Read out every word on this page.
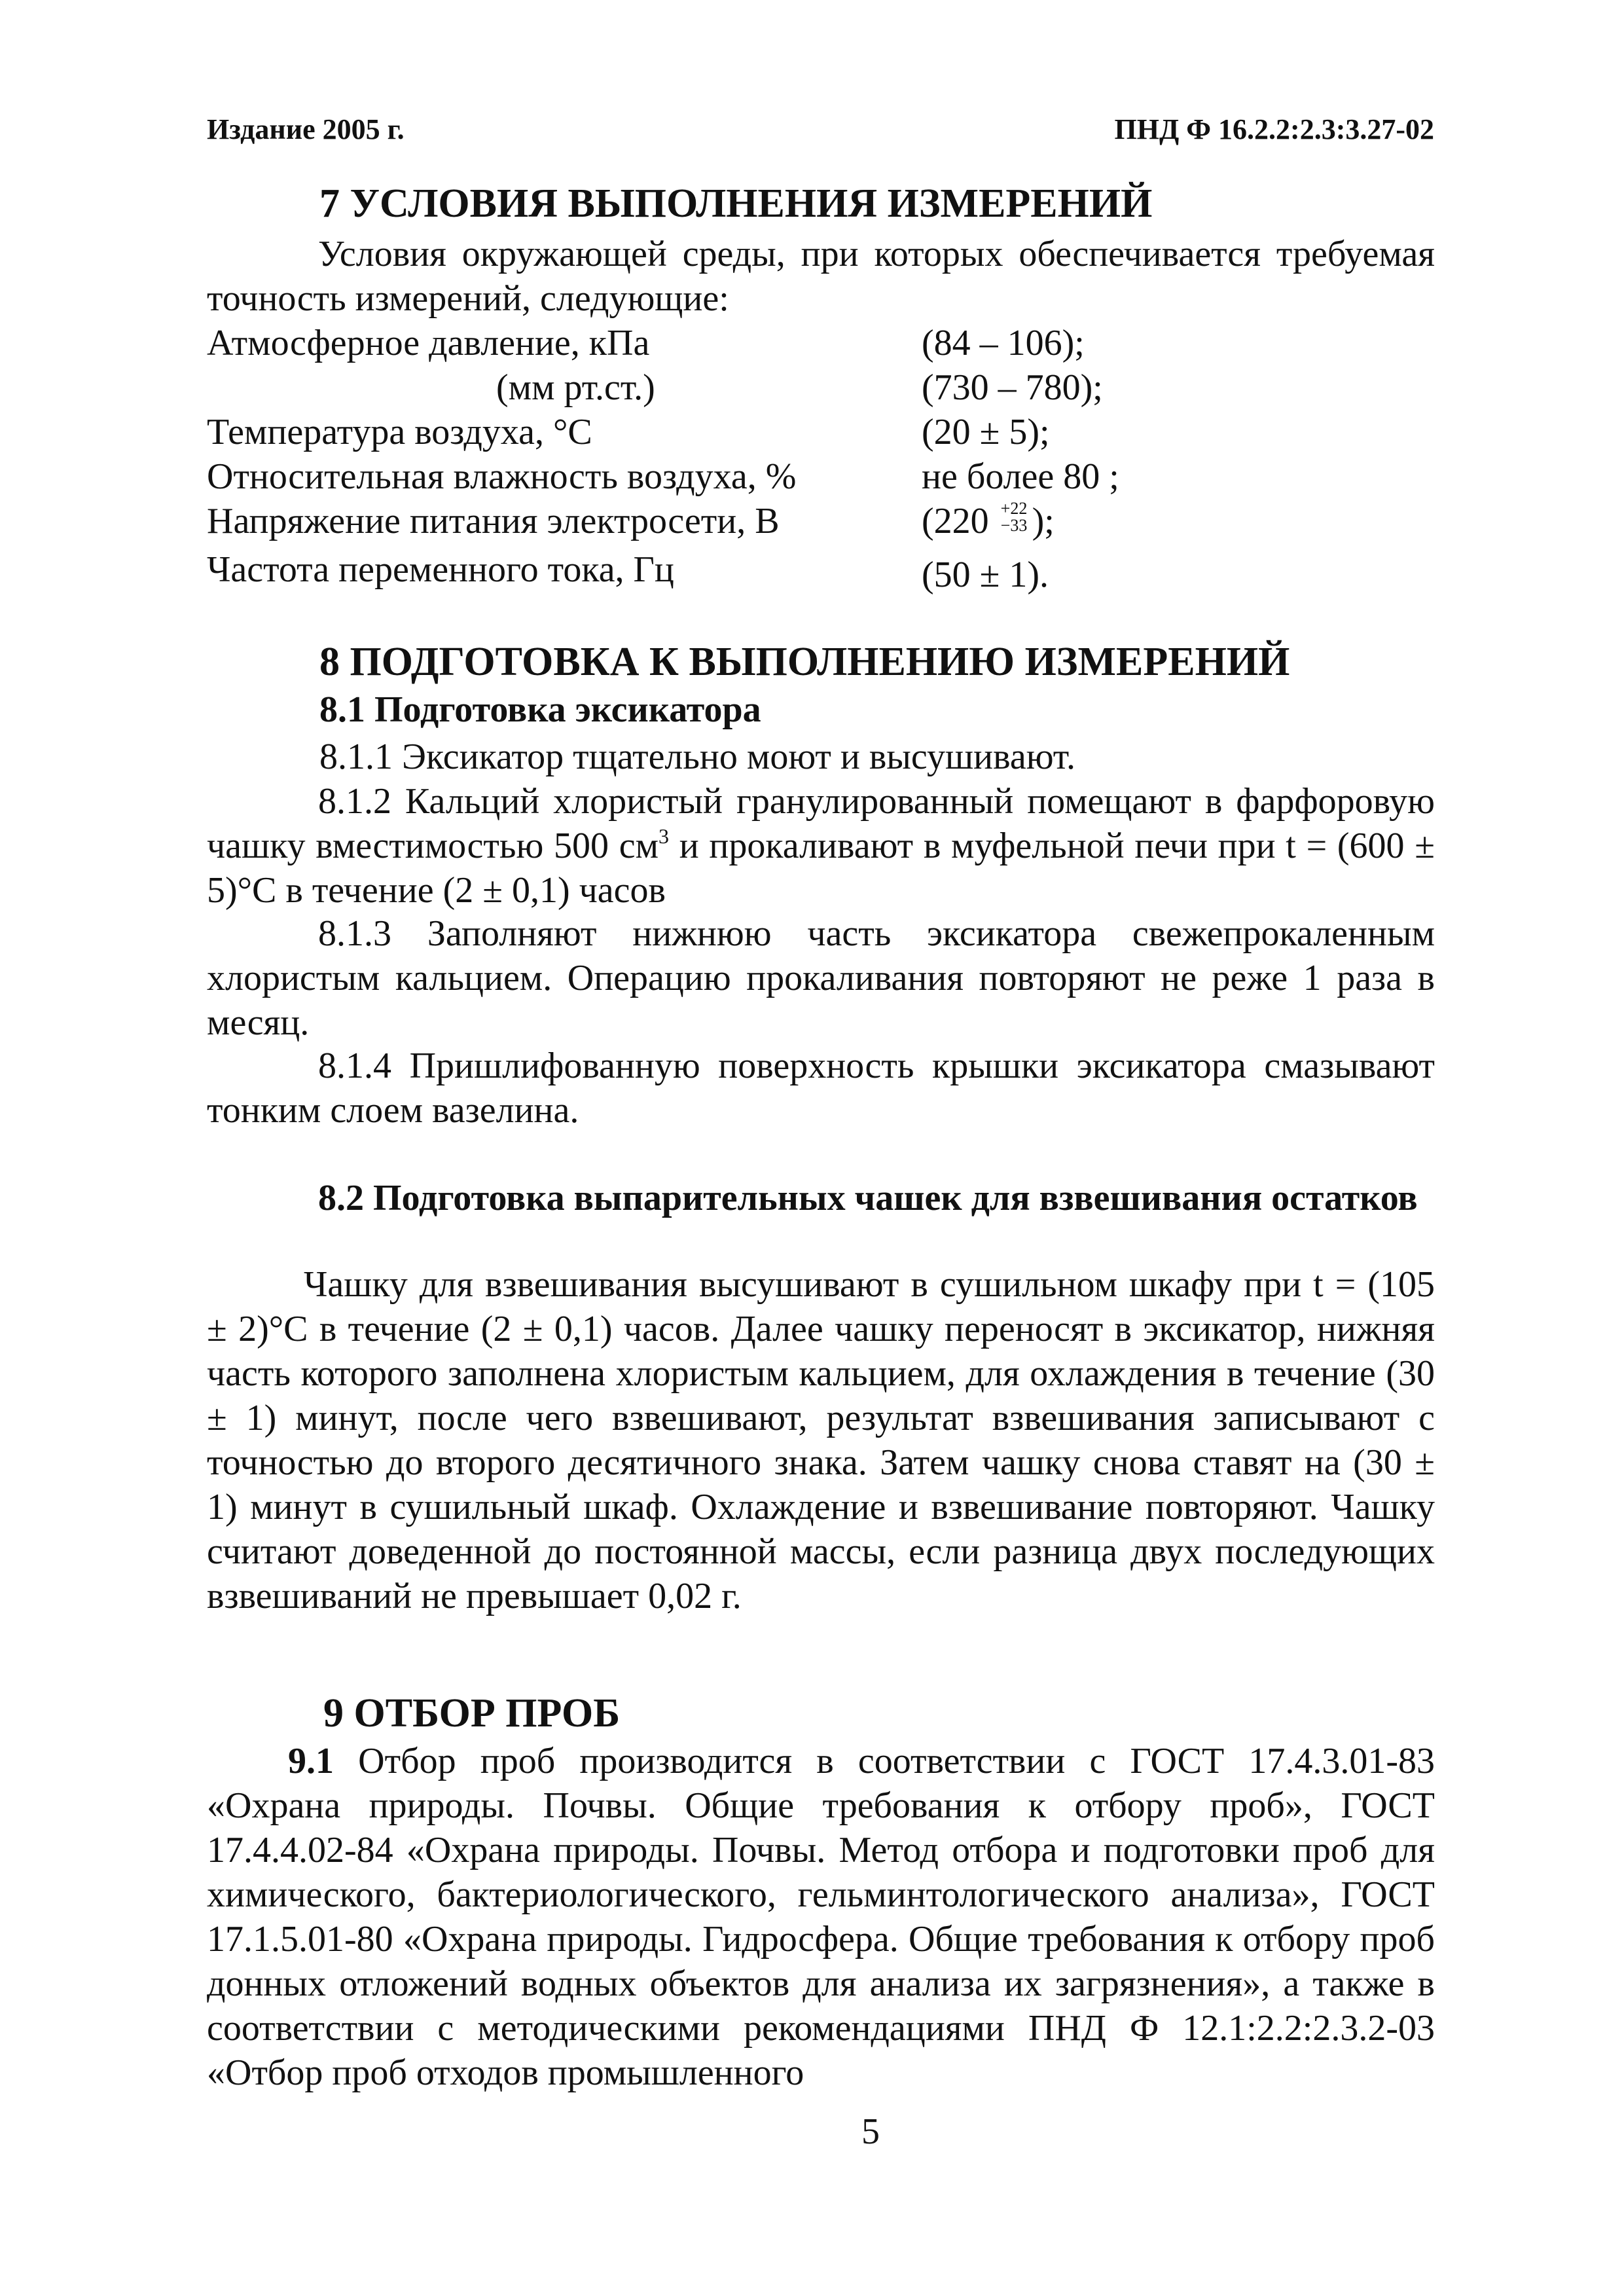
Издание 2005 г.	ПНД Ф 16.2.2:2.3:3.27-02
7 УСЛОВИЯ ВЫПОЛНЕНИЯ ИЗМЕРЕНИЙ
Условия окружающей среды, при которых обеспечивается требуемая точность измерений, следующие:
Атмосферное давление, кПа	(84 – 106);
(мм рт.ст.)	(730 – 780);
Температура воздуха, °С	(20 ± 5);
Относительная влажность воздуха, %	не более 80 ;
Напряжение питания электросети, В	(220 +22
−33 );
Частота переменного тока, Гц	(50 ± 1).
8 ПОДГОТОВКА К ВЫПОЛНЕНИЮ ИЗМЕРЕНИЙ
8.1 Подготовка эксикатора
8.1.1 Эксикатор тщательно моют и высушивают.
8.1.2 Кальций хлористый гранулированный помещают в фарфоровую чашку вместимостью 500 $см^3$ и прокаливают в муфельной печи при t = (600 ± 5)°С в течение (2 ± 0,1) часов
8.1.3 Заполняют нижнюю часть эксикатора свежепрокаленным хлористым кальцием. Операцию прокаливания повторяют не реже 1 раза в месяц.
8.1.4 Пришлифованную поверхность крышки эксикатора смазывают тонким слоем вазелина.
8.2 Подготовка выпарительных чашек для взвешивания остатков
Чашку для взвешивания высушивают в сушильном шкафу при t = (105 ± 2)°С в течение (2 ± 0,1) часов. Далее чашку переносят в эксикатор, нижняя часть которого заполнена хлористым кальцием, для охлаждения в течение (30 ± 1) минут, после чего взвешивают, результат взвешивания записывают с точностью до второго десятичного знака. Затем чашку снова ставят на (30 ± 1) минут в сушильный шкаф. Охлаждение и взвешивание повторяют. Чашку считают доведенной до постоянной массы, если разница двух последующих взвешиваний не превышает 0,02 г.
9 ОТБОР ПРОБ
9.1 Отбор проб производится в соответствии с ГОСТ 17.4.3.01-83 «Охрана природы. Почвы. Общие требования к отбору проб», ГОСТ 17.4.4.02-84 «Охрана природы. Почвы. Метод отбора и подготовки проб для химического, бактериологического, гельминтологического анализа», ГОСТ 17.1.5.01-80 «Охрана природы. Гидросфера. Общие требования к отбору проб донных отложений водных объектов для анализа их загрязнения», а также в соответствии с методическими рекомендациями ПНД Ф 12.1:2.2:2.3.2-03 «Отбор проб отходов промышленного
5
